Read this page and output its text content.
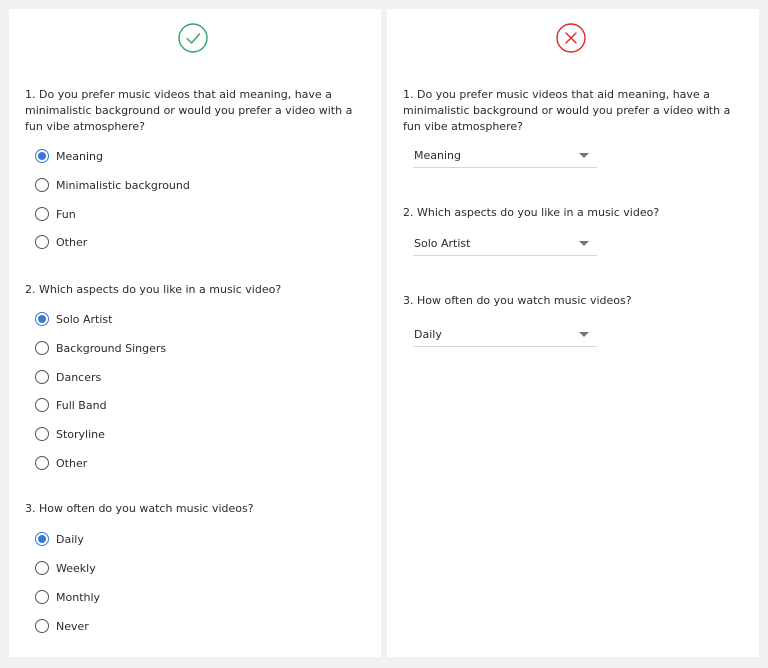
1. Do you prefer music videos that aid meaning, have a minimalistic background or would you prefer a video with a fun vibe atmosphere?
Meaning
Minimalistic background
Fun
Other
2. Which aspects do you like in a music video?
Solo Artist
Background Singers
Dancers
Full Band
Storyline
Other
3. How often do you watch music videos?
Daily
Weekly
Monthly
Never
1. Do you prefer music videos that aid meaning, have a minimalistic background or would you prefer a video with a fun vibe atmosphere?
Meaning
2. Which aspects do you like in a music video?
Solo Artist
3. How often do you watch music videos?
Daily
